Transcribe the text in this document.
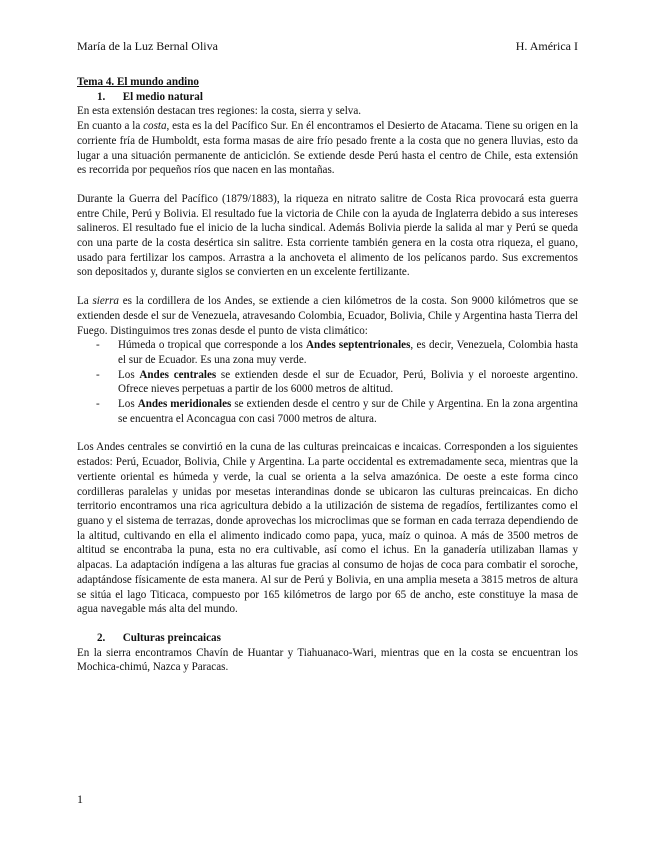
María de la Luz Bernal Oliva	H. América I
Tema 4. El mundo andino
1. El medio natural

En esta extensión destacan tres regiones: la costa, sierra y selva.

En cuanto a la costa, esta es la del Pacífico Sur. En él encontramos el Desierto de Atacama. Tiene su origen en la corriente fría de Humboldt, esta forma masas de aire frío pesado frente a la costa que no genera lluvias, esto da lugar a una situación permanente de anticiclón. Se extiende desde Perú hasta el centro de Chile, esta extensión es recorrida por pequeños ríos que nacen en las montañas.

Durante la Guerra del Pacífico (1879/1883), la riqueza en nitrato salitre de Costa Rica provocará esta guerra entre Chile, Perú y Bolivia. El resultado fue la victoria de Chile con la ayuda de Inglaterra debido a sus intereses salineros. El resultado fue el inicio de la lucha sindical. Además Bolivia pierde la salida al mar y Perú se queda con una parte de la costa desértica sin salitre. Esta corriente también genera en la costa otra riqueza, el guano, usado para fertilizar los campos. Arrastra a la anchoveta el alimento de los pelícanos pardo. Sus excrementos son depositados y, durante siglos se convierten en un excelente fertilizante.

La sierra es la cordillera de los Andes, se extiende a cien kilómetros de la costa. Son 9000 kilómetros que se extienden desde el sur de Venezuela, atravesando Colombia, Ecuador, Bolivia, Chile y Argentina hasta Tierra del Fuego. Distinguimos tres zonas desde el punto de vista climático:

- Húmeda o tropical que corresponde a los Andes septentrionales, es decir, Venezuela, Colombia hasta el sur de Ecuador. Es una zona muy verde.
- Los Andes centrales se extienden desde el sur de Ecuador, Perú, Bolivia y el noroeste argentino. Ofrece nieves perpetuas a partir de los 6000 metros de altitud.
- Los Andes meridionales se extienden desde el centro y sur de Chile y Argentina. En la zona argentina se encuentra el Aconcagua con casi 7000 metros de altura.

Los Andes centrales se convirtió en la cuna de las culturas preincaicas e incaicas. Corresponden a los siguientes estados: Perú, Ecuador, Bolivia, Chile y Argentina. La parte occidental es extremadamente seca, mientras que la vertiente oriental es húmeda y verde, la cual se orienta a la selva amazónica. De oeste a este forma cinco cordilleras paralelas y unidas por mesetas interandinas donde se ubicaron las culturas preincaicas. En dicho territorio encontramos una rica agricultura debido a la utilización de sistema de regadíos, fertilizantes como el guano y el sistema de terrazas, donde aprovechas los microclimas que se forman en cada terraza dependiendo de la altitud, cultivando en ella el alimento indicado como papa, yuca, maíz o quinoa. A más de 3500 metros de altitud se encontraba la puna, esta no era cultivable, así como el ichus. En la ganadería utilizaban llamas y alpacas. La adaptación indígena a las alturas fue gracias al consumo de hojas de coca para combatir el soroche, adaptándose físicamente de esta manera. Al sur de Perú y Bolivia, en una amplia meseta a 3815 metros de altura se sitúa el lago Titicaca, compuesto por 165 kilómetros de largo por 65 de ancho, este constituye la masa de agua navegable más alta del mundo.

2. Culturas preincaicas

En la sierra encontramos Chavín de Huantar y Tiahuanaco-Wari, mientras que en la costa se encuentran los Mochica-chimú, Nazca y Paracas.

1
